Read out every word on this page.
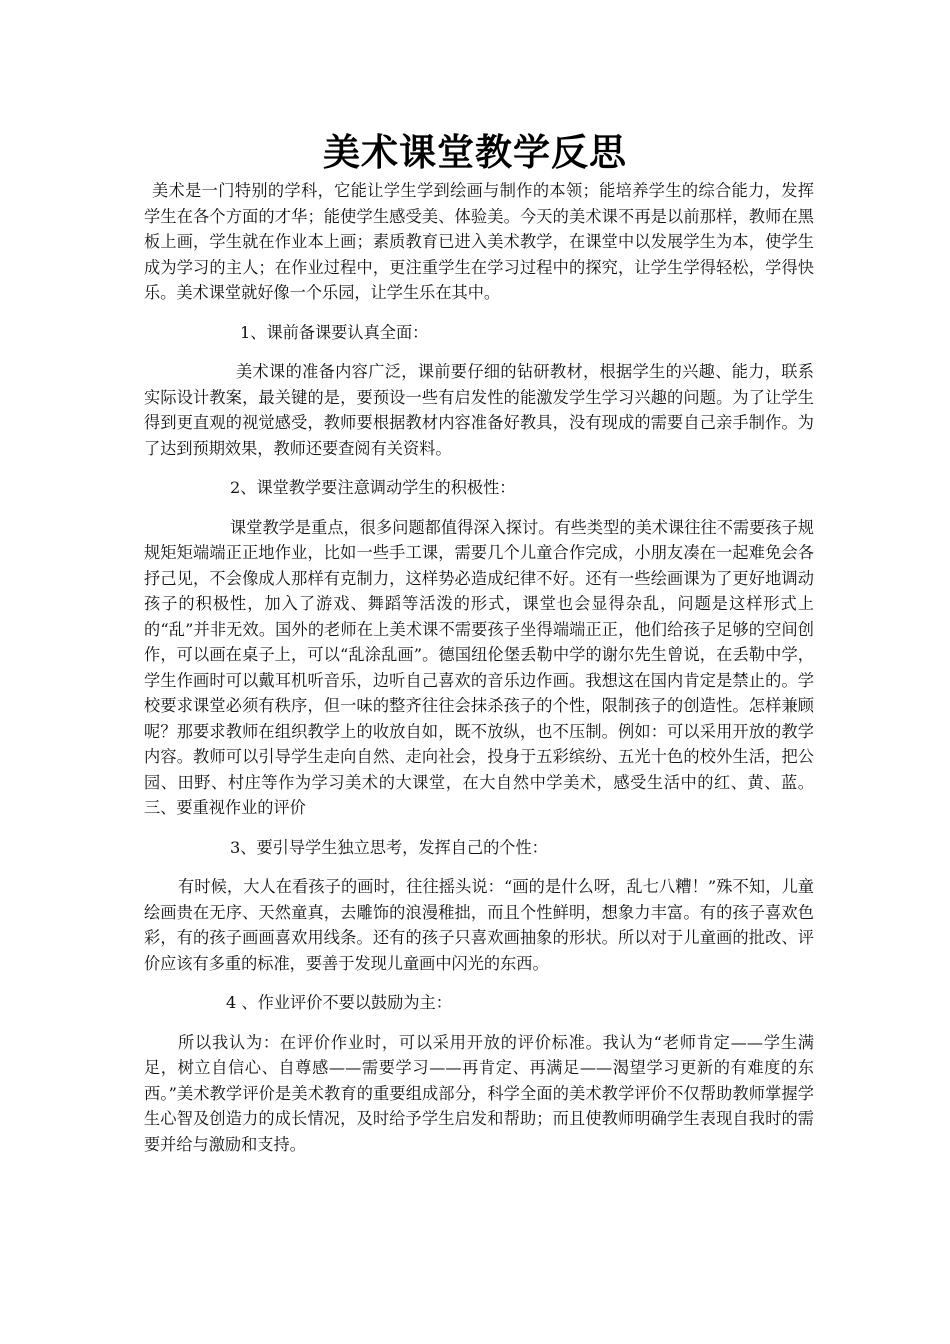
美术课堂教学反思

美术是一门特别的学科，它能让学生学到绘画与制作的本领；能培养学生的综合能力，发挥学生在各个方面的才华；能使学生感受美、体验美。今天的美术课不再是以前那样，教师在黑板上画，学生就在作业本上画；素质教育已进入美术教学，在课堂中以发展学生为本，使学生成为学习的主人；在作业过程中，更注重学生在学习过程中的探究，让学生学得轻松，学得快乐。美术课堂就好像一个乐园，让学生乐在其中。

1、课前备课要认真全面：

美术课的准备内容广泛，课前要仔细的钻研教材，根据学生的兴趣、能力，联系实际设计教案，最关键的是，要预设一些有启发性的能激发学生学习兴趣的问题。为了让学生得到更直观的视觉感受，教师要根据教材内容准备好教具，没有现成的需要自己亲手制作。为了达到预期效果，教师还要查阅有关资料。

2、课堂教学要注意调动学生的积极性：

课堂教学是重点，很多问题都值得深入探讨。有些类型的美术课往往不需要孩子规规矩矩端端正正地作业，比如一些手工课，需要几个儿童合作完成，小朋友凑在一起难免会各抒己见，不会像成人那样有克制力，这样势必造成纪律不好。还有一些绘画课为了更好地调动孩子的积极性，加入了游戏、舞蹈等活泼的形式，课堂也会显得杂乱，问题是这样形式上的“乱”并非无效。国外的老师在上美术课不需要孩子坐得端端正正，他们给孩子足够的空间创作，可以画在桌子上，可以“乱涂乱画”。德国纽伦堡丢勒中学的谢尔先生曾说，在丢勒中学，学生作画时可以戴耳机听音乐，边听自己喜欢的音乐边作画。我想这在国内肯定是禁止的。学校要求课堂必须有秩序，但一味的整齐往往会抹杀孩子的个性，限制孩子的创造性。怎样兼顾呢？那要求教师在组织教学上的收放自如，既不放纵，也不压制。例如：可以采用开放的教学内容。教师可以引导学生走向自然、走向社会，投身于五彩缤纷、五光十色的校外生活，把公园、田野、村庄等作为学习美术的大课堂，在大自然中学美术，感受生活中的红、黄、蓝。三、要重视作业的评价

3、要引导学生独立思考，发挥自己的个性：

有时候，大人在看孩子的画时，往往摇头说：“画的是什么呀，乱七八糟！”殊不知，儿童绘画贵在无序、天然童真，去雕饰的浪漫稚拙，而且个性鲜明，想象力丰富。有的孩子喜欢色彩，有的孩子画画喜欢用线条。还有的孩子只喜欢画抽象的形状。所以对于儿童画的批改、评价应该有多重的标准，要善于发现儿童画中闪光的东西。

4 、作业评价不要以鼓励为主：

所以我认为：在评价作业时，可以采用开放的评价标准。我认为“老师肯定——学生满足，树立自信心、自尊感——需要学习——再肯定、再满足——渴望学习更新的有难度的东西。”美术教学评价是美术教育的重要组成部分，科学全面的美术教学评价不仅帮助教师掌握学生心智及创造力的成长情况，及时给予学生启发和帮助；而且使教师明确学生表现自我时的需要并给与激励和支持。
